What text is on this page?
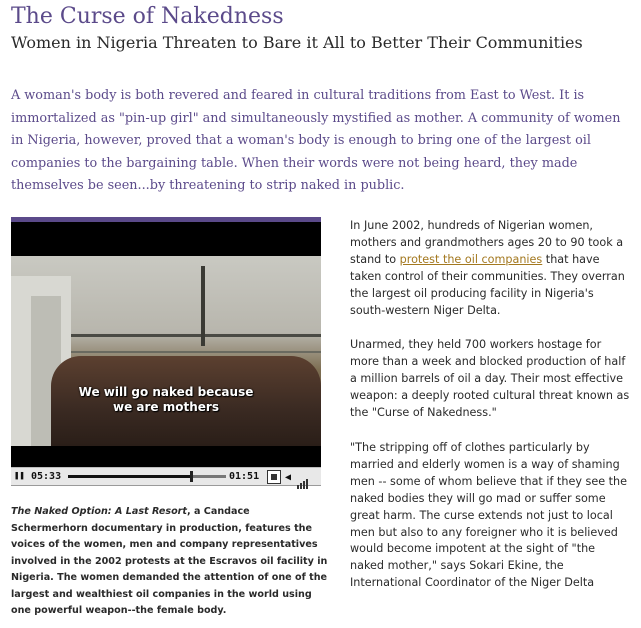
The Curse of Nakedness
Women in Nigeria Threaten to Bare it All to Better Their Communities

A woman's body is both revered and feared in cultural traditions from East to West. It is immortalized as "pin-up girl" and simultaneously mystified as mother. A community of women in Nigeria, however, proved that a woman's body is enough to bring one of the largest oil companies to the bargaining table. When their words were not being heard, they made themselves be seen...by threatening to strip naked in public.

We will go naked because
we are mothers
❚❚ 05:33	01:51	◀

The Naked Option: A Last Resort, a Candace Schermerhorn documentary in production, features the voices of the women, men and company representatives involved in the 2002 protests at the Escravos oil facility in Nigeria. The women demanded the attention of one of the largest and wealthiest oil companies in the world using one powerful weapon--the female body.

In June 2002, hundreds of Nigerian women, mothers and grandmothers ages 20 to 90 took a stand to protest the oil companies that have taken control of their communities. They overran the largest oil producing facility in Nigeria's south-western Niger Delta.

Unarmed, they held 700 workers hostage for more than a week and blocked production of half a million barrels of oil a day. Their most effective weapon: a deeply rooted cultural threat known as the "Curse of Nakedness."

"The stripping off of clothes particularly by married and elderly women is a way of shaming men -- some of whom believe that if they see the naked bodies they will go mad or suffer some great harm. The curse extends not just to local men but also to any foreigner who it is believed would become impotent at the sight of "the naked mother," says Sokari Ekine, the International Coordinator of the Niger Delta
